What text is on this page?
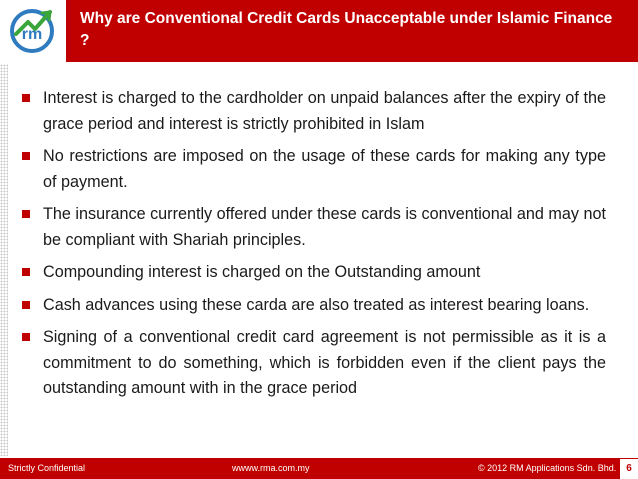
rm
Why are Conventional Credit Cards Unacceptable under Islamic Finance ?
Interest is charged to the cardholder on unpaid balances after the expiry of the grace period and interest is strictly prohibited in Islam
No restrictions are imposed on the usage of these cards for making any type of payment.
The insurance currently offered under these cards is conventional and may not be compliant with Shariah principles.
Compounding interest is charged on the Outstanding amount
Cash advances using these carda are also treated as interest bearing loans.
Signing of a conventional credit card agreement is not permissible as it is a commitment to do something, which is forbidden even if the client pays the outstanding amount with in the grace period
Strictly Confidential	wwww.rma.com.my	© 2012 RM Applications Sdn. Bhd.	6
